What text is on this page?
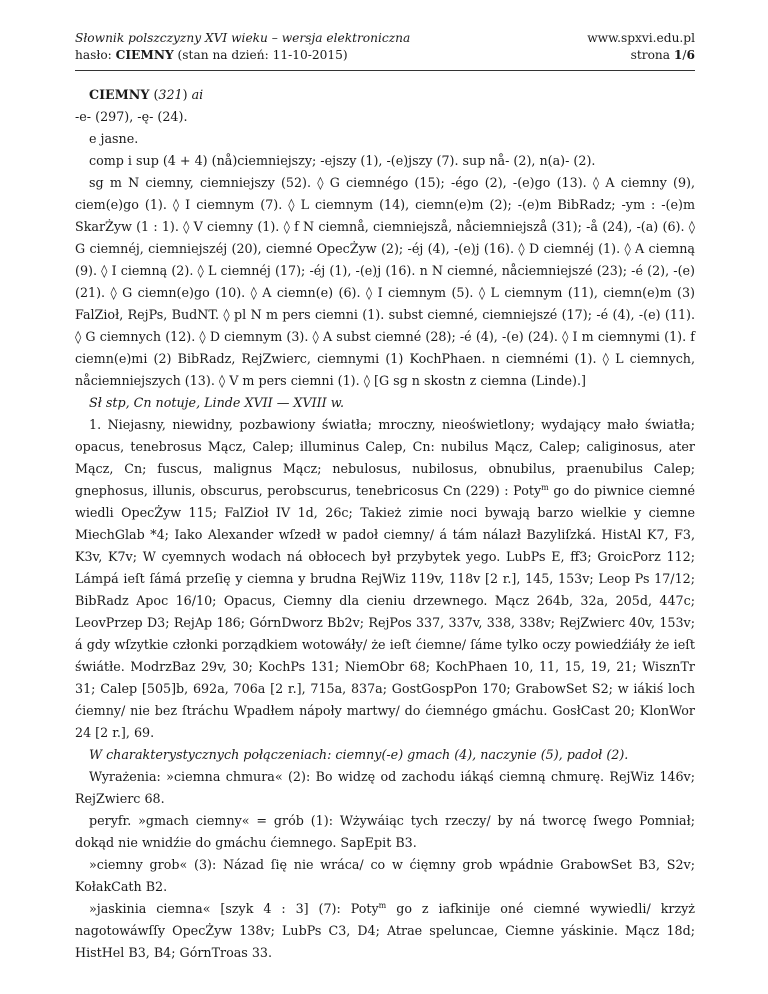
Słownik polszczyzny XVI wieku – wersja elektroniczna
hasło: CIEMNY (stan na dzień: 11-10-2015)
www.spxvi.edu.pl
strona 1/6

CIEMNY (321) ai

-e- (297), -ę- (24).

e jasne.

comp i sup (4 + 4) (nå)ciemniejszy; -ejszy (1), -(e)jszy (7). sup nå- (2), n(a)- (2).

sg m N ciemny, ciemniejszy (52). ◊ G ciemnégo (15); -égo (2), -(e)go (13). ◊ A ciemny (9), ciem(e)go (1). ◊ I ciemnym (7). ◊ L ciemnym (14), ciemn(e)m (2); -(e)m BibRadz; -ym : -(e)m SkarŻyw (1 : 1). ◊ V ciemny (1). ◊ f N ciemnå, ciemniejszå, nåciemniejszå (31); -å (24), -(a) (6). ◊ G ciemnéj, ciemniejszéj (20), ciemné OpecŻyw (2); -éj (4), -(e)j (16). ◊ D ciemnéj (1). ◊ A ciemną (9). ◊ I ciemną (2). ◊ L ciemnéj (17); -éj (1), -(e)j (16). n N ciemné, nåciemniejszé (23); -é (2), -(e) (21). ◊ G ciemn(e)go (10). ◊ A ciemn(e) (6). ◊ I ciemnym (5). ◊ L ciemnym (11), ciemn(e)m (3) FalZioł, RejPs, BudNT. ◊ pl N m pers ciemni (1). subst ciemné, ciemniejszé (17); -é (4), -(e) (11). ◊ G ciemnych (12). ◊ D ciemnym (3). ◊ A subst ciemné (28); -é (4), -(e) (24). ◊ I m ciemnymi (1). f ciemn(e)mi (2) BibRadz, RejZwierc, ciemnymi (1) KochPhaen. n ciemnémi (1). ◊ L ciemnych, nåciemniejszych (13). ◊ V m pers ciemni (1). ◊ [G sg n skostn z ciemna (Linde).]

Sł stp, Cn notuje, Linde XVII — XVIII w.

1. Niejasny, niewidny, pozbawiony światła; mroczny, nieoświetlony; wydający mało światła; opacus, tenebrosus Mącz, Calep; illuminus Calep, Cn: nubilus Mącz, Calep; caliginosus, ater Mącz, Cn; fuscus, malignus Mącz; nebulosus, nubilosus, obnubilus, praenubilus Calep; gnephosus, illunis, obscurus, perobscurus, tenebricosus Cn (229) : Poty$^m$ go do piwnice ciemné wiedli OpecŻyw 115; FalZioł IV 1d, 26c; Takież zimie noci bywają barzo wielkie y ciemne MiechGlab *4; Iako Alexander wſzedł w padoł ciemny/ á tám nálazł Bazyliſzká. HistAl K7, F3, K3v, K7v; W cyemnych wodach ná obłocech był przybytek yego. LubPs E, ff3; GroicPorz 112; Lámpá ieſt ſámá przeſię y ciemna y brudna RejWiz 119v, 118v [2 r.], 145, 153v; Leop Ps 17/12; BibRadz Apoc 16/10; Opacus, Ciemny dla cieniu drzewnego. Mącz 264b, 32a, 205d, 447c; LeovPrzep D3; RejAp 186; GórnDworz Bb2v; RejPos 337, 337v, 338, 338v; RejZwierc 40v, 153v; á gdy wſzytkie członki porządkiem wotowáły/ że ieſt ćiemne/ ſáme tylko oczy powiedźiáły że ieſt świátłe. ModrzBaz 29v, 30; KochPs 131; NiemObr 68; KochPhaen 10, 11, 15, 19, 21; WisznTr 31; Calep [505]b, 692a, 706a [2 r.], 715a, 837a; GostGospPon 170; GrabowSet S2; w iákiś loch ćiemny/ nie bez ſtráchu Wpadłem nápoły martwy/ do ćiemnégo gmáchu. GosłCast 20; KlonWor 24 [2 r.], 69.

W charakterystycznych połączeniach: ciemny(-e) gmach (4), naczynie (5), padoł (2).

Wyrażenia: »ciemna chmura« (2): Bo widzę od zachodu iákąś ciemną chmurę. RejWiz 146v; RejZwierc 68.

peryfr. »gmach ciemny« = grób (1): Wżywáiąc tych rzeczy/ by ná tworcę ſwego Pomniał; dokąd nie wnidźie do gmáchu ćiemnego. SapEpit B3.

»ciemny grob« (3): Názad ſię nie wráca/ co w ćięmny grob wpádnie GrabowSet B3, S2v; KołakCath B2.

»jaskinia ciemna« [szyk 4 : 3] (7): Poty$^m$ go z iafkinije oné ciemné wywiedli/ krzyż nagotowáwſſy OpecŻyw 138v; LubPs C3, D4; Atrae speluncae, Ciemne yáskinie. Mącz 18d; HistHel B3, B4; GórnTroas 33.
